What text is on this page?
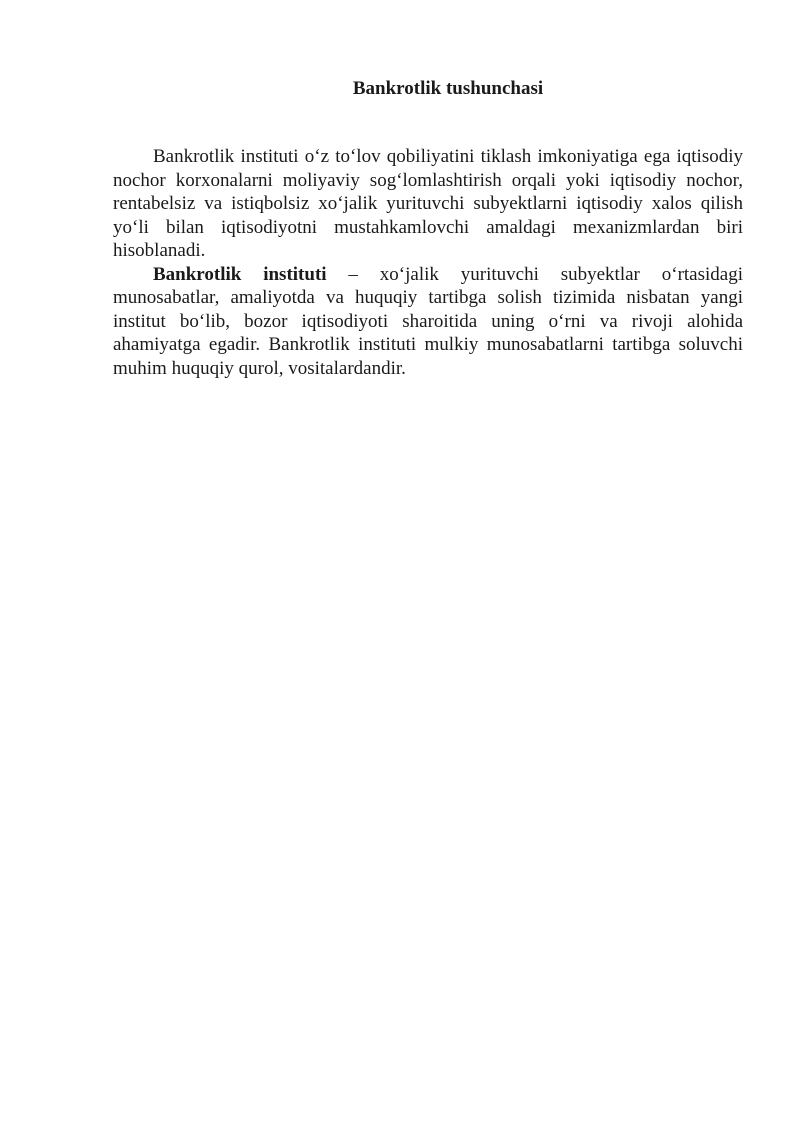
Bankrotlik tushunchasi

Bankrotlik instituti o‘z to‘lov qobiliyatini tiklash imkoniyatiga ega iqtisodiy nochor korxonalarni moliyaviy sog‘lomlashtirish orqali yoki iqtisodiy nochor, rentabelsiz va istiqbolsiz xo‘jalik yurituvchi subyektlarni iqtisodiy xalos qilish yo‘li bilan iqtisodiyotni mustahkamlovchi amaldagi mexanizmlardan biri hisoblanadi.

Bankrotlik instituti – xo‘jalik yurituvchi subyektlar o‘rtasidagi munosabatlar, amaliyotda va huquqiy tartibga solish tizimida nisbatan yangi institut bo‘lib, bozor iqtisodiyoti sharoitida uning o‘rni va rivoji alohida ahamiyatga egadir. Bankrotlik instituti mulkiy munosabatlarni tartibga soluvchi muhim huquqiy qurol, vositalardandir.
